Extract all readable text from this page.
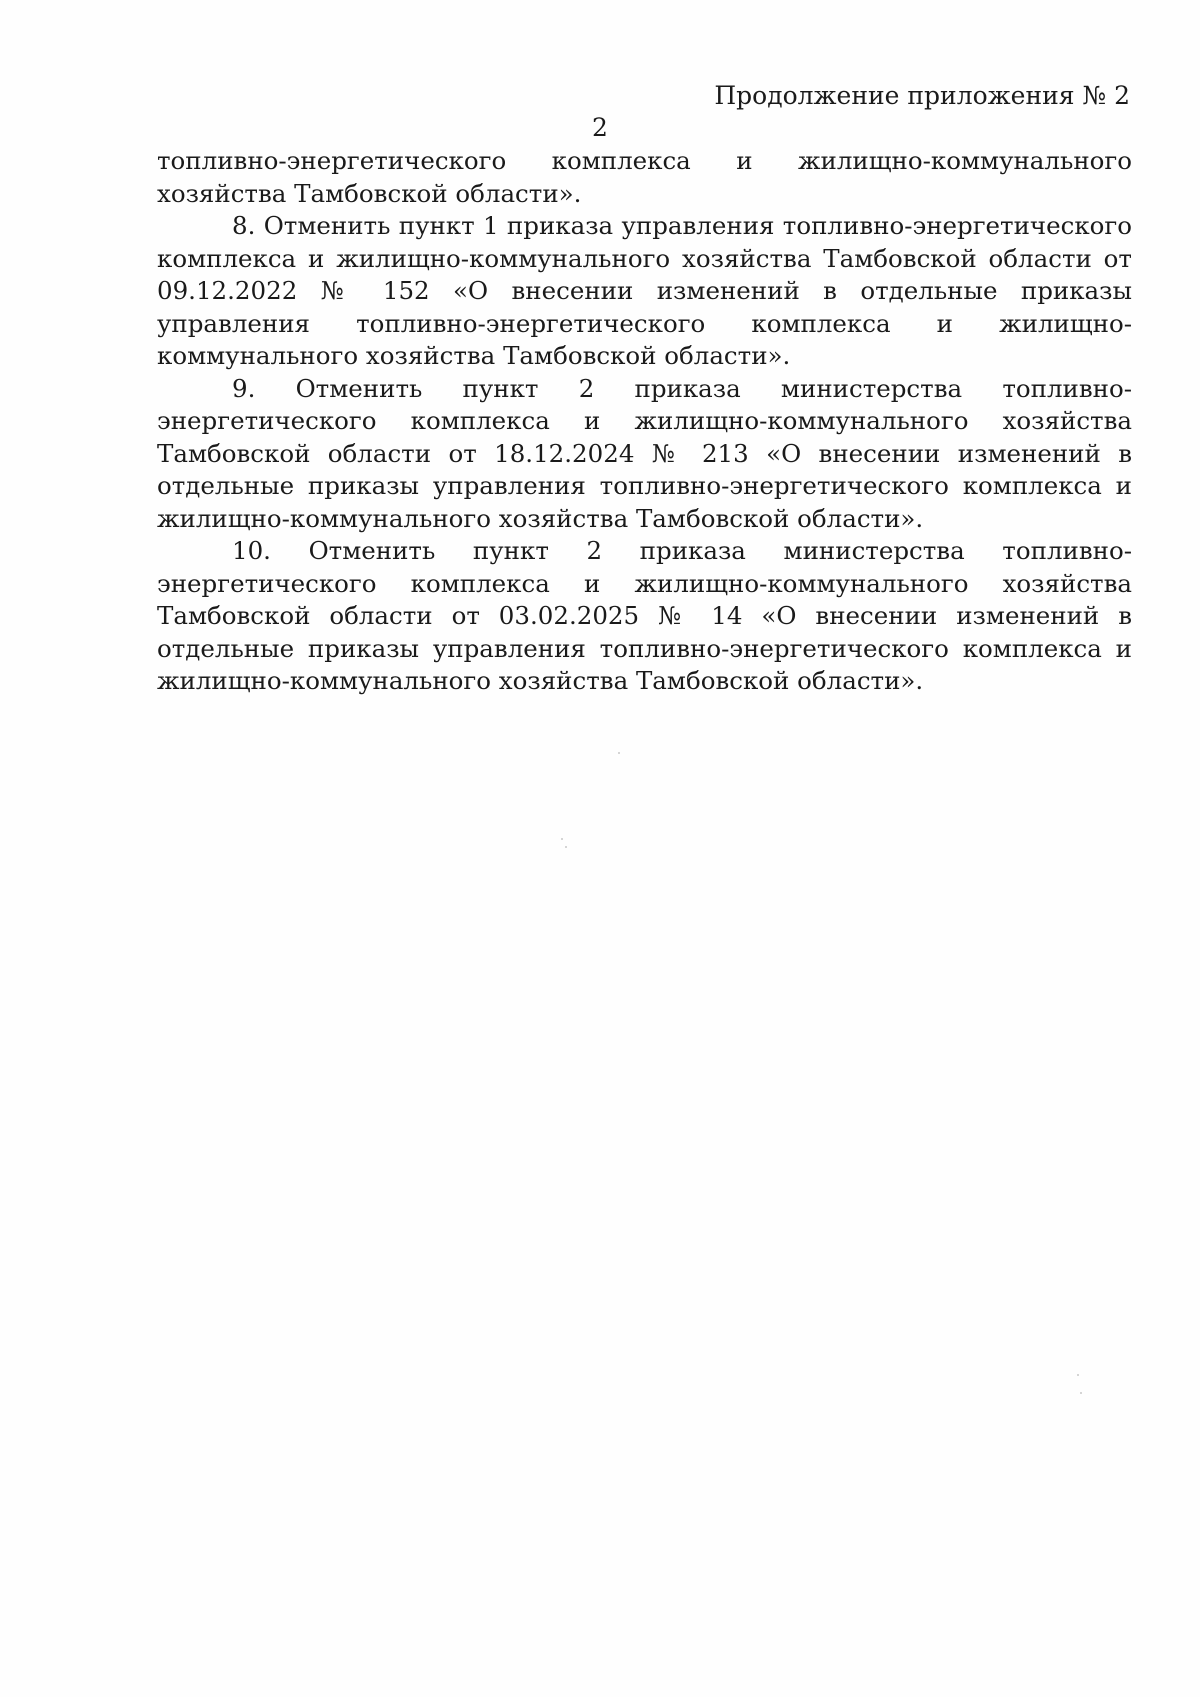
Продолжение приложения № 2
2

топливно-энергетического комплекса и жилищно-коммунального хозяйства Тамбовской области».

8. Отменить пункт 1 приказа управления топливно-энергетического комплекса и жилищно-коммунального хозяйства Тамбовской области от 09.12.2022 № 152 «О внесении изменений в отдельные приказы управления топливно-энергетического комплекса и жилищно-коммунального хозяйства Тамбовской области».

9. Отменить пункт 2 приказа министерства топливно-энергетического комплекса и жилищно-коммунального хозяйства Тамбовской области от 18.12.2024 № 213 «О внесении изменений в отдельные приказы управления топливно-энергетического комплекса и жилищно-коммунального хозяйства Тамбовской области».

10. Отменить пункт 2 приказа министерства топливно-энергетического комплекса и жилищно-коммунального хозяйства Тамбовской области от 03.02.2025 № 14 «О внесении изменений в отдельные приказы управления топливно-энергетического комплекса и жилищно-коммунального хозяйства Тамбовской области».
